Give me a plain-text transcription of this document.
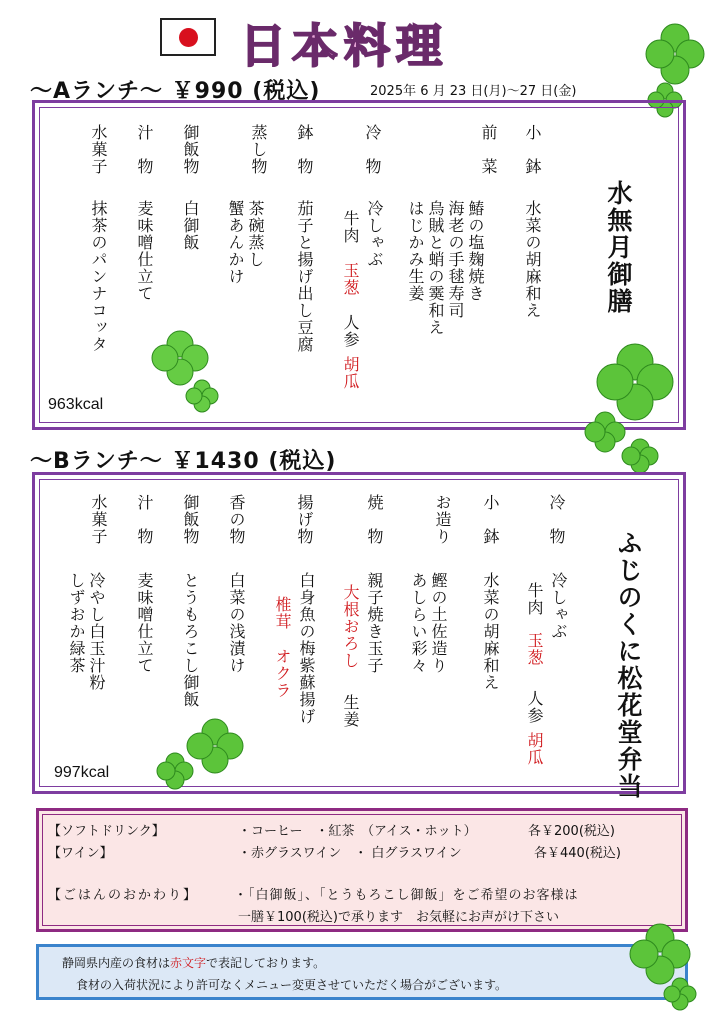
日本料理
〜Aランチ〜 ￥990 (税込)	2025年 6 月 23 日(月)〜27 日(金)
水無月御膳
小　鉢
水菜の胡麻和え
前　菜
鰆の塩麹焼き
海老の手毬寿司
烏賊と蛸の霙和え
はじかみ生姜
冷　物
冷しゃぶ
牛肉
玉葱
人参
胡瓜
鉢　物
茄子と揚げ出し豆腐
蒸し物
茶碗蒸し
蟹あんかけ
御飯物
白御飯
汁　物
麦味噌仕立て
水菓子
抹茶のパンナコッタ
963kcal
〜Bランチ〜 ￥1430 (税込)
ふじのくに松花堂弁当
冷　物
冷しゃぶ
牛肉
玉葱
人参
胡瓜
小　鉢
水菜の胡麻和え
お造り
鰹の土佐造り
あしらい彩々
焼　物
親子焼き玉子
大根おろし
生姜
揚げ物
白身魚の梅紫蘇揚げ
椎茸
オクラ
香の物
白菜の浅漬け
御飯物
とうもろこし御飯
汁　物
麦味噌仕立て
水菓子
冷やし白玉汁粉
しずおか緑茶
997kcal
【ソフトドリンク】	・コーヒー　・紅茶　（アイス・ホット）	各￥200(税込)
【ワイン】	・赤グラスワイン　・ 白グラスワイン	各￥440(税込)
【ごはんのおかわり】	・「白御飯」、「とうもろこし御飯」をご希望のお客様は
一膳￥100(税込)で承ります　お気軽にお声がけ下さい
静岡県内産の食材は赤文字で表記しております。
食材の入荷状況により許可なくメニュー変更させていただく場合がございます。
